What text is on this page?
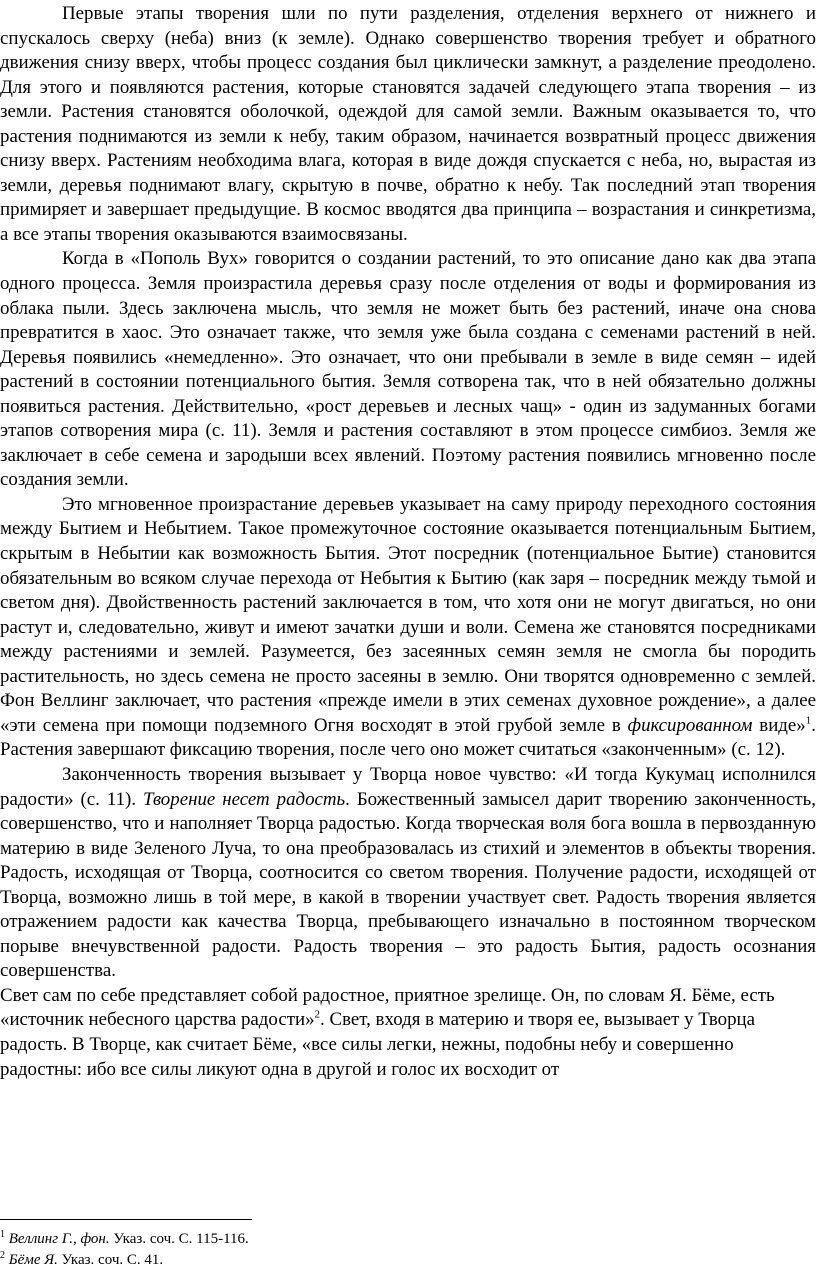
Первые этапы творения шли по пути разделения, отделения верхнего от нижнего и спускалось сверху (неба) вниз (к земле). Однако совершенство творения требует и обратного движения снизу вверх, чтобы процесс создания был циклически замкнут, а разделение преодолено. Для этого и появляются растения, которые становятся задачей следующего этапа творения – из земли. Растения становятся оболочкой, одеждой для самой земли. Важным оказывается то, что растения поднимаются из земли к небу, таким образом, начинается возвратный процесс движения снизу вверх. Растениям необходима влага, которая в виде дождя спускается с неба, но, вырастая из земли, деревья поднимают влагу, скрытую в почве, обратно к небу. Так последний этап творения примиряет и завершает предыдущие. В космос вводятся два принципа – возрастания и синкретизма, а все этапы творения оказываются взаимосвязаны.

Когда в «Пополь Вух» говорится о создании растений, то это описание дано как два этапа одного процесса. Земля произрастила деревья сразу после отделения от воды и формирования из облака пыли. Здесь заключена мысль, что земля не может быть без растений, иначе она снова превратится в хаос. Это означает также, что земля уже была создана с семенами растений в ней. Деревья появились «немедленно». Это означает, что они пребывали в земле в виде семян – идей растений в состоянии потенциального бытия. Земля сотворена так, что в ней обязательно должны появиться растения. Действительно, «рост деревьев и лесных чащ» - один из задуманных богами этапов сотворения мира (с. 11). Земля и растения составляют в этом процессе симбиоз. Земля же заключает в себе семена и зародыши всех явлений. Поэтому растения появились мгновенно после создания земли.

Это мгновенное произрастание деревьев указывает на саму природу переходного состояния между Бытием и Небытием. Такое промежуточное состояние оказывается потенциальным Бытием, скрытым в Небытии как возможность Бытия. Этот посредник (потенциальное Бытие) становится обязательным во всяком случае перехода от Небытия к Бытию (как заря – посредник между тьмой и светом дня). Двойственность растений заключается в том, что хотя они не могут двигаться, но они растут и, следовательно, живут и имеют зачатки души и воли. Семена же становятся посредниками между растениями и землей. Разумеется, без засеянных семян земля не смогла бы породить растительность, но здесь семена не просто засеяны в землю. Они творятся одновременно с землей. Фон Веллинг заключает, что растения «прежде имели в этих семенах духовное рождение», а далее «эти семена при помощи подземного Огня восходят в этой грубой земле в фиксированном виде»$^1$. Растения завершают фиксацию творения, после чего оно может считаться «законченным» (с. 12).

Законченность творения вызывает у Творца новое чувство: «И тогда Кукумац исполнился радости» (с. 11). Творение несет радость. Божественный замысел дарит творению законченность, совершенство, что и наполняет Творца радостью. Когда творческая воля бога вошла в первозданную материю в виде Зеленого Луча, то она преобразовалась из стихий и элементов в объекты творения. Радость, исходящая от Творца, соотносится со светом творения. Получение радости, исходящей от Творца, возможно лишь в той мере, в какой в творении участвует свет. Радость творения является отражением радости как качества Творца, пребывающего изначально в постоянном творческом порыве внечувственной радости. Радость творения – это радость Бытия, радость осознания совершенства.

Свет сам по себе представляет собой радостное, приятное зрелище. Он, по словам Я. Бёме, есть «источник небесного царства радости»$^2$. Свет, входя в материю и творя ее, вызывает у Творца радость. В Творце, как считает Бёме, «все силы легки, нежны, подобны небу и совершенно радостны: ибо все силы ликуют одна в другой и голос их восходит от

$^1$ Веллинг Г., фон. Указ. соч. С. 115-116.
$^2$ Бёме Я. Указ. соч. С. 41.
